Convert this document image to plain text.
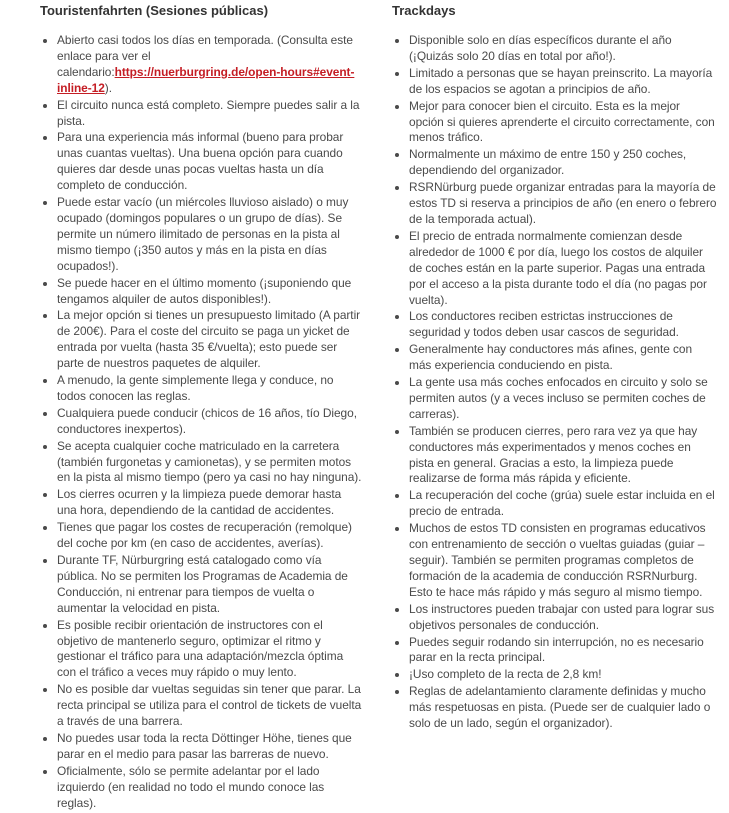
Touristenfahrten (Sesiones públicas)
• Abierto casi todos los días en temporada. (Consulta este enlace para ver el calendario:https://nuerburgring.de/open-hours#event-inline-12).
• El circuito nunca está completo. Siempre puedes salir a la pista.
• Para una experiencia más informal (bueno para probar unas cuantas vueltas). Una buena opción para cuando quieres dar desde unas pocas vueltas hasta un día completo de conducción.
• Puede estar vacío (un miércoles lluvioso aislado) o muy ocupado (domingos populares o un grupo de días). Se permite un número ilimitado de personas en la pista al mismo tiempo (¡350 autos y más en la pista en días ocupados!).
• Se puede hacer en el último momento (¡suponiendo que tengamos alquiler de autos disponibles!).
• La mejor opción si tienes un presupuesto limitado (A partir de 200€). Para el coste del circuito se paga un yicket de entrada por vuelta (hasta 35 €/vuelta); esto puede ser parte de nuestros paquetes de alquiler.
• A menudo, la gente simplemente llega y conduce, no todos conocen las reglas.
• Cualquiera puede conducir (chicos de 16 años, tío Diego, conductores inexpertos).
• Se acepta cualquier coche matriculado en la carretera (también furgonetas y camionetas), y se permiten motos en la pista al mismo tiempo (pero ya casi no hay ninguna).
• Los cierres ocurren y la limpieza puede demorar hasta una hora, dependiendo de la cantidad de accidentes.
• Tienes que pagar los costes de recuperación (remolque) del coche por km (en caso de accidentes, averías).
• Durante TF, Nürburgring está catalogado como vía pública. No se permiten los Programas de Academia de Conducción, ni entrenar para tiempos de vuelta o aumentar la velocidad en pista.
• Es posible recibir orientación de instructores con el objetivo de mantenerlo seguro, optimizar el ritmo y gestionar el tráfico para una adaptación/mezcla óptima con el tráfico a veces muy rápido o muy lento.
• No es posible dar vueltas seguidas sin tener que parar. La recta principal se utiliza para el control de tickets de vuelta a través de una barrera.
• No puedes usar toda la recta Döttinger Höhe, tienes que parar en el medio para pasar las barreras de nuevo.
• Oficialmente, sólo se permite adelantar por el lado izquierdo (en realidad no todo el mundo conoce las reglas).
Trackdays
• Disponible solo en días específicos durante el año (¡Quizás solo 20 días en total por año!).
• Limitado a personas que se hayan preinscrito. La mayoría de los espacios se agotan a principios de año.
• Mejor para conocer bien el circuito. Esta es la mejor opción si quieres aprenderte el circuito correctamente, con menos tráfico.
• Normalmente un máximo de entre 150 y 250 coches, dependiendo del organizador.
• RSRNürburg puede organizar entradas para la mayoría de estos TD si reserva a principios de año (en enero o febrero de la temporada actual).
• El precio de entrada normalmente comienzan desde alrededor de 1000 € por día, luego los costos de alquiler de coches están en la parte superior. Pagas una entrada por el acceso a la pista durante todo el día (no pagas por vuelta).
• Los conductores reciben estrictas instrucciones de seguridad y todos deben usar cascos de seguridad.
• Generalmente hay conductores más afines, gente con más experiencia conduciendo en pista.
• La gente usa más coches enfocados en circuito y solo se permiten autos (y a veces incluso se permiten coches de carreras).
• También se producen cierres, pero rara vez ya que hay conductores más experimentados y menos coches en pista en general. Gracias a esto, la limpieza puede realizarse de forma más rápida y eficiente.
• La recuperación del coche (grúa) suele estar incluida en el precio de entrada.
• Muchos de estos TD consisten en programas educativos con entrenamiento de sección o vueltas guiadas (guiar – seguir). También se permiten programas completos de formación de la academia de conducción RSRNurburg. Esto te hace más rápido y más seguro al mismo tiempo.
• Los instructores pueden trabajar con usted para lograr sus objetivos personales de conducción.
• Puedes seguir rodando sin interrupción, no es necesario parar en la recta principal.
• ¡Uso completo de la recta de 2,8 km!
• Reglas de adelantamiento claramente definidas y mucho más respetuosas en pista. (Puede ser de cualquier lado o solo de un lado, según el organizador).
